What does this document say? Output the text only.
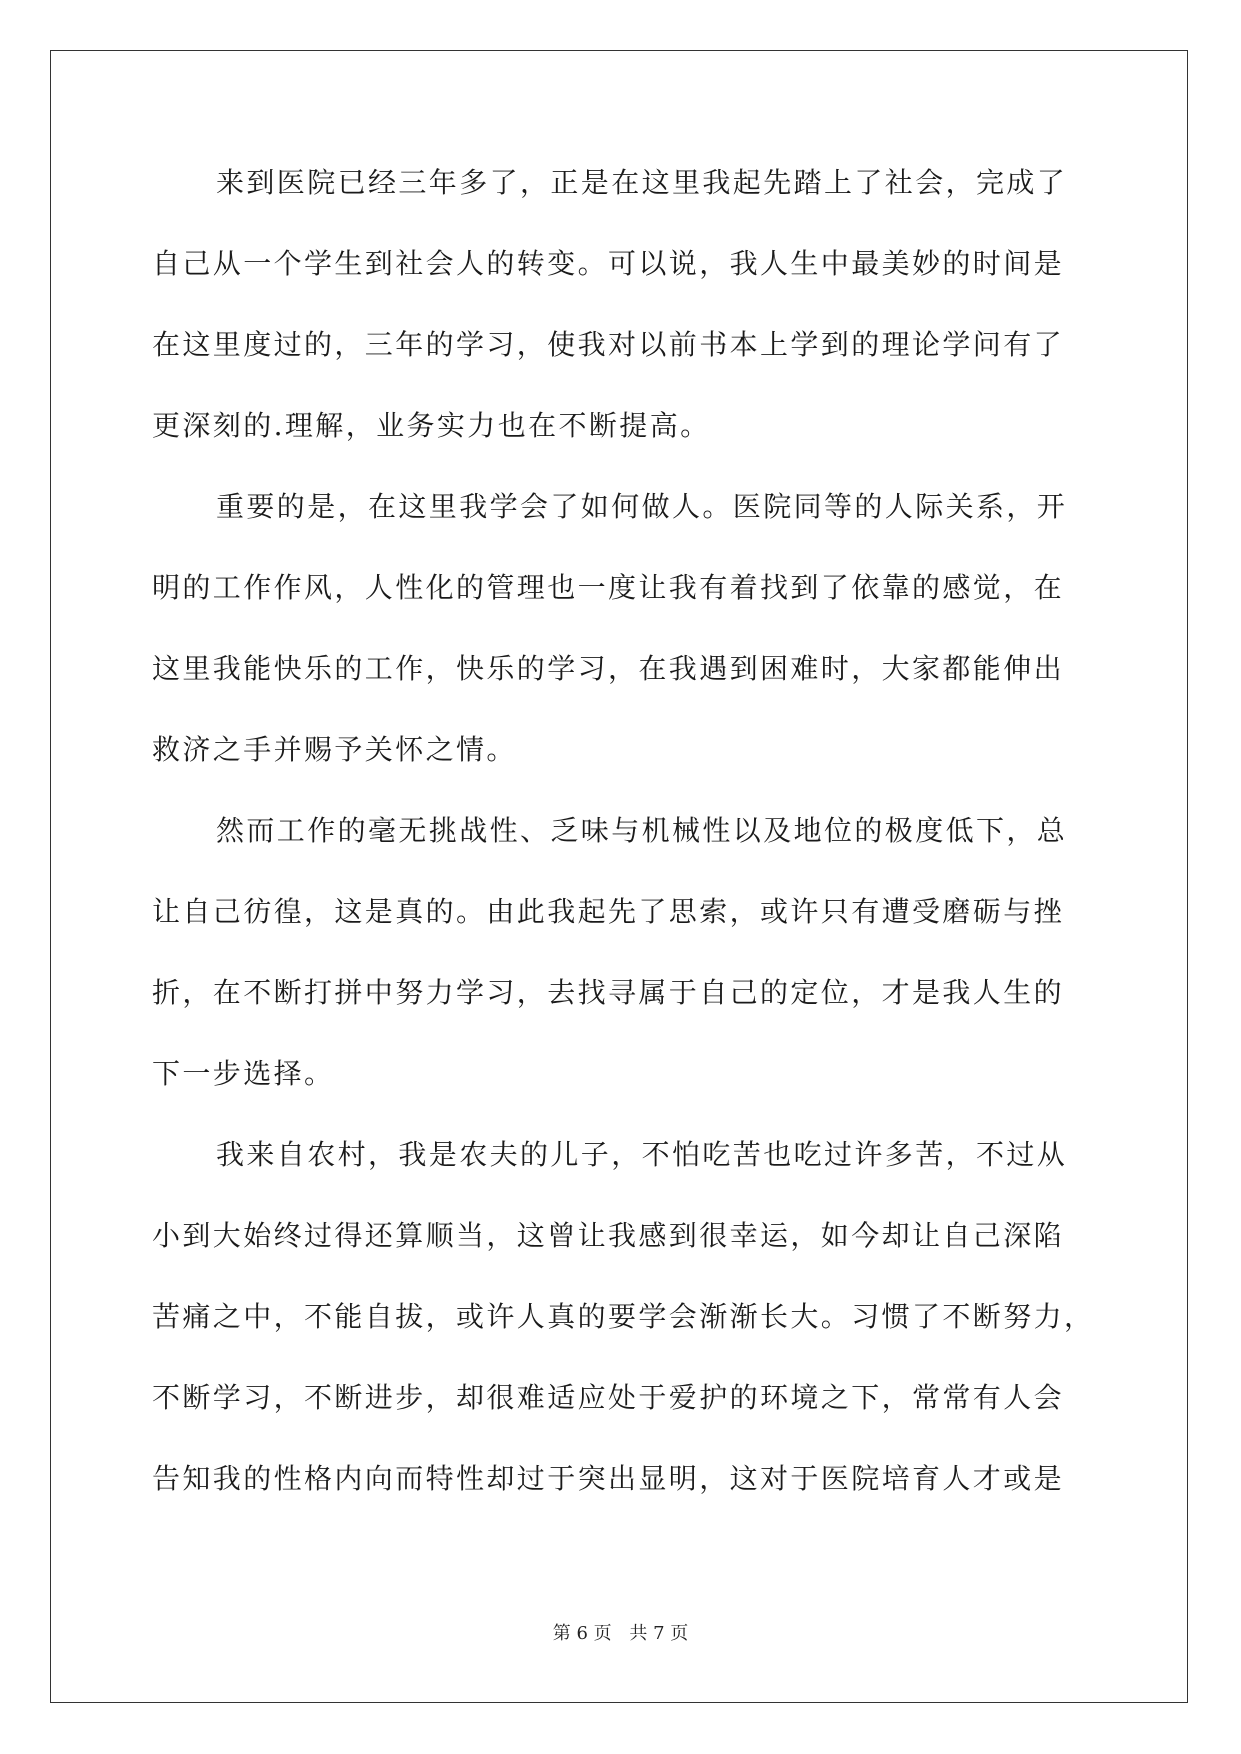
来到医院已经三年多了，正是在这里我起先踏上了社会，完成了
自己从一个学生到社会人的转变。可以说，我人生中最美妙的时间是
在这里度过的，三年的学习，使我对以前书本上学到的理论学问有了
更深刻的.理解，业务实力也在不断提高。
重要的是，在这里我学会了如何做人。医院同等的人际关系，开
明的工作作风，人性化的管理也一度让我有着找到了依靠的感觉，在
这里我能快乐的工作，快乐的学习，在我遇到困难时，大家都能伸出
救济之手并赐予关怀之情。
然而工作的毫无挑战性、乏味与机械性以及地位的极度低下，总
让自己彷徨，这是真的。由此我起先了思索，或许只有遭受磨砺与挫
折，在不断打拼中努力学习，去找寻属于自己的定位，才是我人生的
下一步选择。
我来自农村，我是农夫的儿子，不怕吃苦也吃过许多苦，不过从
小到大始终过得还算顺当，这曾让我感到很幸运，如今却让自己深陷
苦痛之中，不能自拔，或许人真的要学会渐渐长大。习惯了不断努力，
不断学习，不断进步，却很难适应处于爱护的环境之下，常常有人会
告知我的性格内向而特性却过于突出显明，这对于医院培育人才或是
第 6 页 共 7 页
